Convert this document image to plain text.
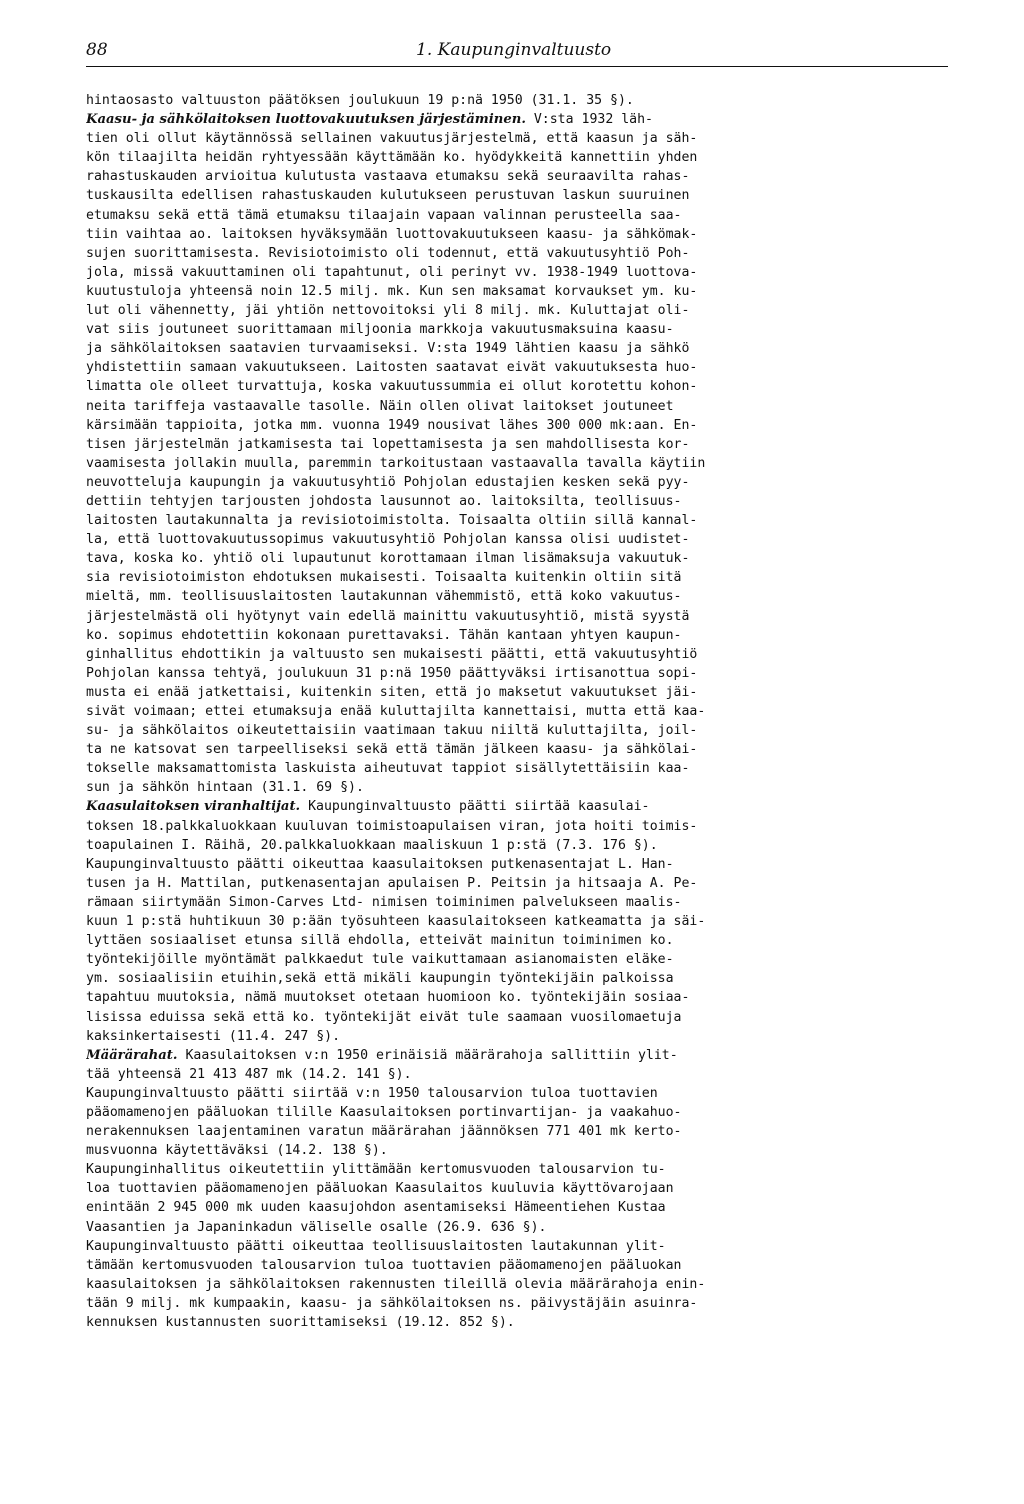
88	1. Kaupunginvaltuusto
hintaosasto valtuuston päätöksen joulukuun 19 p:nä 1950 (31.1. 35 §).
Kaasu- ja sähkölaitoksen luottovakuutuksen järjestäminen. V:sta 1932 läh-
tien oli ollut käytännössä sellainen vakuutusjärjestelmä, että kaasun ja säh-
kön tilaajilta heidän ryhtyessään käyttämään ko. hyödykkeitä kannettiin yhden
rahastuskauden arvioitua kulutusta vastaava etumaksu sekä seuraavilta rahas-
tuskausilta edellisen rahastuskauden kulutukseen perustuvan laskun suuruinen
etumaksu sekä että tämä etumaksu tilaajain vapaan valinnan perusteella saa-
tiin vaihtaa ao. laitoksen hyväksymään luottovakuutukseen kaasu- ja sähkömak-
sujen suorittamisesta. Revisiotoimisto oli todennut, että vakuutusyhtiö Poh-
jola, missä vakuuttaminen oli tapahtunut, oli perinyt vv. 1938-1949 luottova-
kuutustuloja yhteensä noin 12.5 milj. mk. Kun sen maksamat korvaukset ym. ku-
lut oli vähennetty, jäi yhtiön nettovoitoksi yli 8 milj. mk. Kuluttajat oli-
vat siis joutuneet suorittamaan miljoonia markkoja vakuutusmaksuina kaasu-
ja sähkölaitoksen saatavien turvaamiseksi. V:sta 1949 lähtien kaasu ja sähkö
yhdistettiin samaan vakuutukseen. Laitosten saatavat eivät vakuutuksesta huo-
limatta ole olleet turvattuja, koska vakuutussummia ei ollut korotettu kohon-
neita tariffeja vastaavalle tasolle. Näin ollen olivat laitokset joutuneet
kärsimään tappioita, jotka mm. vuonna 1949 nousivat lähes 300 000 mk:aan. En-
tisen järjestelmän jatkamisesta tai lopettamisesta ja sen mahdollisesta kor-
vaamisesta jollakin muulla, paremmin tarkoitustaan vastaavalla tavalla käytiin
neuvotteluja kaupungin ja vakuutusyhtiö Pohjolan edustajien kesken sekä pyy-
dettiin tehtyjen tarjousten johdosta lausunnot ao. laitoksilta, teollisuus-
laitosten lautakunnalta ja revisiotoimistolta. Toisaalta oltiin sillä kannal-
la, että luottovakuutussopimus vakuutusyhtiö Pohjolan kanssa olisi uudistet-
tava, koska ko. yhtiö oli lupautunut korottamaan ilman lisämaksuja vakuutuk-
sia revisiotoimiston ehdotuksen mukaisesti. Toisaalta kuitenkin oltiin sitä
mieltä, mm. teollisuuslaitosten lautakunnan vähemmistö, että koko vakuutus-
järjestelmästä oli hyötynyt vain edellä mainittu vakuutusyhtiö, mistä syystä
ko. sopimus ehdotettiin kokonaan purettavaksi. Tähän kantaan yhtyen kaupun-
ginhallitus ehdottikin ja valtuusto sen mukaisesti päätti, että vakuutusyhtiö
Pohjolan kanssa tehtyä, joulukuun 31 p:nä 1950 päättyväksi irtisanottua sopi-
musta ei enää jatkettaisi, kuitenkin siten, että jo maksetut vakuutukset jäi-
sivät voimaan; ettei etumaksuja enää kuluttajilta kannettaisi, mutta että kaa-
su- ja sähkölaitos oikeutettaisiin vaatimaan takuu niiltä kuluttajilta, joil-
ta ne katsovat sen tarpeelliseksi sekä että tämän jälkeen kaasu- ja sähkölai-
tokselle maksamattomista laskuista aiheutuvat tappiot sisällytettäisiin kaa-
sun ja sähkön hintaan (31.1. 69 §).
Kaasulaitoksen viranhaltijat. Kaupunginvaltuusto päätti siirtää kaasulai-
toksen 18.palkkaluokkaan kuuluvan toimistoapulaisen viran, jota hoiti toimis-
toapulainen I. Räihä, 20.palkkaluokkaan maaliskuun 1 p:stä (7.3. 176 §).
Kaupunginvaltuusto päätti oikeuttaa kaasulaitoksen putkenasentajat L. Han-
tusen ja H. Mattilan, putkenasentajan apulaisen P. Peitsin ja hitsaaja A. Pe-
rämaan siirtymään Simon-Carves Ltd- nimisen toiminimen palvelukseen maalis-
kuun 1 p:stä huhtikuun 30 p:ään työsuhteen kaasulaitokseen katkeamatta ja säi-
lyttäen sosiaaliset etunsa sillä ehdolla, etteivät mainitun toiminimen ko.
työntekijöille myöntämät palkkaedut tule vaikuttamaan asianomaisten eläke-
ym. sosiaalisiin etuihin,sekä että mikäli kaupungin työntekijäin palkoissa
tapahtuu muutoksia, nämä muutokset otetaan huomioon ko. työntekijäin sosiaa-
lisissa eduissa sekä että ko. työntekijät eivät tule saamaan vuosilomaetuja
kaksinkertaisesti (11.4. 247 §).
Määrärahat. Kaasulaitoksen v:n 1950 erinäisiä määrärahoja sallittiin ylit-
tää yhteensä 21 413 487 mk (14.2. 141 §).
Kaupunginvaltuusto päätti siirtää v:n 1950 talousarvion tuloa tuottavien
pääomamenojen pääluokan tilille Kaasulaitoksen portinvartijan- ja vaakahuo-
nerakennuksen laajentaminen varatun määrärahan jäännöksen 771 401 mk kerto-
musvuonna käytettäväksi (14.2. 138 §).
Kaupunginhallitus oikeutettiin ylittämään kertomusvuoden talousarvion tu-
loa tuottavien pääomamenojen pääluokan Kaasulaitos kuuluvia käyttövarojaan
enintään 2 945 000 mk uuden kaasujohdon asentamiseksi Hämeentiehen Kustaa
Vaasantien ja Japaninkadun väliselle osalle (26.9. 636 §).
Kaupunginvaltuusto päätti oikeuttaa teollisuuslaitosten lautakunnan ylit-
tämään kertomusvuoden talousarvion tuloa tuottavien pääomamenojen pääluokan
kaasulaitoksen ja sähkölaitoksen rakennusten tileillä olevia määrärahoja enin-
tään 9 milj. mk kumpaakin, kaasu- ja sähkölaitoksen ns. päivystäjäin asuinra-
kennuksen kustannusten suorittamiseksi (19.12. 852 §).
